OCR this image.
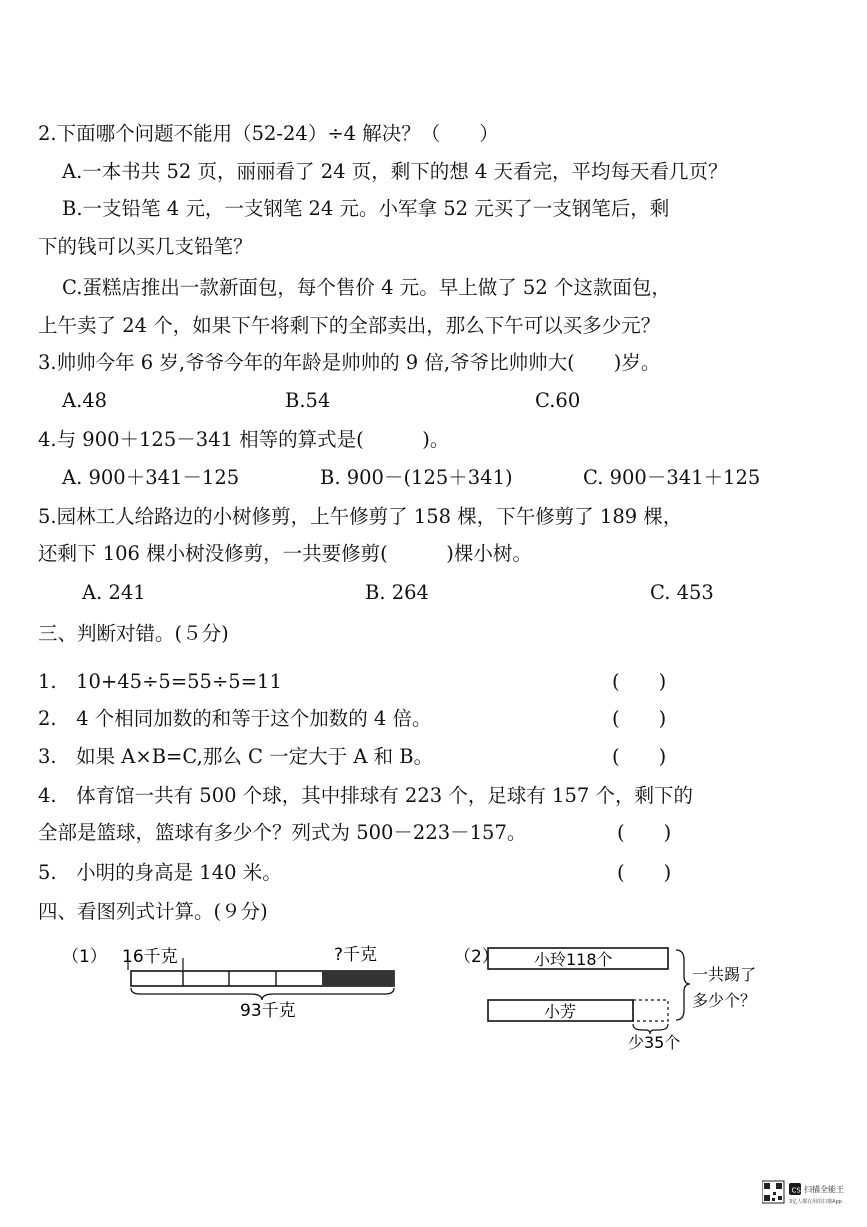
2.下面哪个问题不能用（52-24）÷4 解决？（　　）
A.一本书共 52 页，丽丽看了 24 页，剩下的想 4 天看完，平均每天看几页？
B.一支铅笔 4 元，一支钢笔 24 元。小军拿 52 元买了一支钢笔后，剩
下的钱可以买几支铅笔？
C.蛋糕店推出一款新面包，每个售价 4 元。早上做了 52 个这款面包，
上午卖了 24 个，如果下午将剩下的全部卖出，那么下午可以买多少元？
3.帅帅今年 6 岁,爷爷今年的年龄是帅帅的 9 倍,爷爷比帅帅大(　　)岁。
A.48	B.54	C.60
4.与 900＋125－341 相等的算式是(　　　)。
A. 900＋341－125	B. 900－(125＋341)	C. 900－341＋125
5.园林工人给路边的小树修剪，上午修剪了 158 棵，下午修剪了 189 棵，
还剩下 106 棵小树没修剪，一共要修剪(　　　)棵小树。
A. 241	B. 264	C. 453
三、判断对错。(５分)
1.　10+45÷5=55÷5=11	(　　)
2.　4 个相同加数的和等于这个加数的 4 倍。	(　　)
3.　如果 A×B=C,那么 C 一定大于 A 和 B。	(　　)
4.　体育馆一共有 500 个球，其中排球有 223 个，足球有 157 个，剩下的
全部是篮球，篮球有多少个？列式为 500－223－157。	(　　)
5.　小明的身高是 140 米。	(　　)
四、看图列式计算。(９分)
（1） 16千克	?千克
93千克
（2） 小玲118个
小芳
少35个
一共踢了
多少个？
CS 扫描全能王
3亿人都在用的扫描App
